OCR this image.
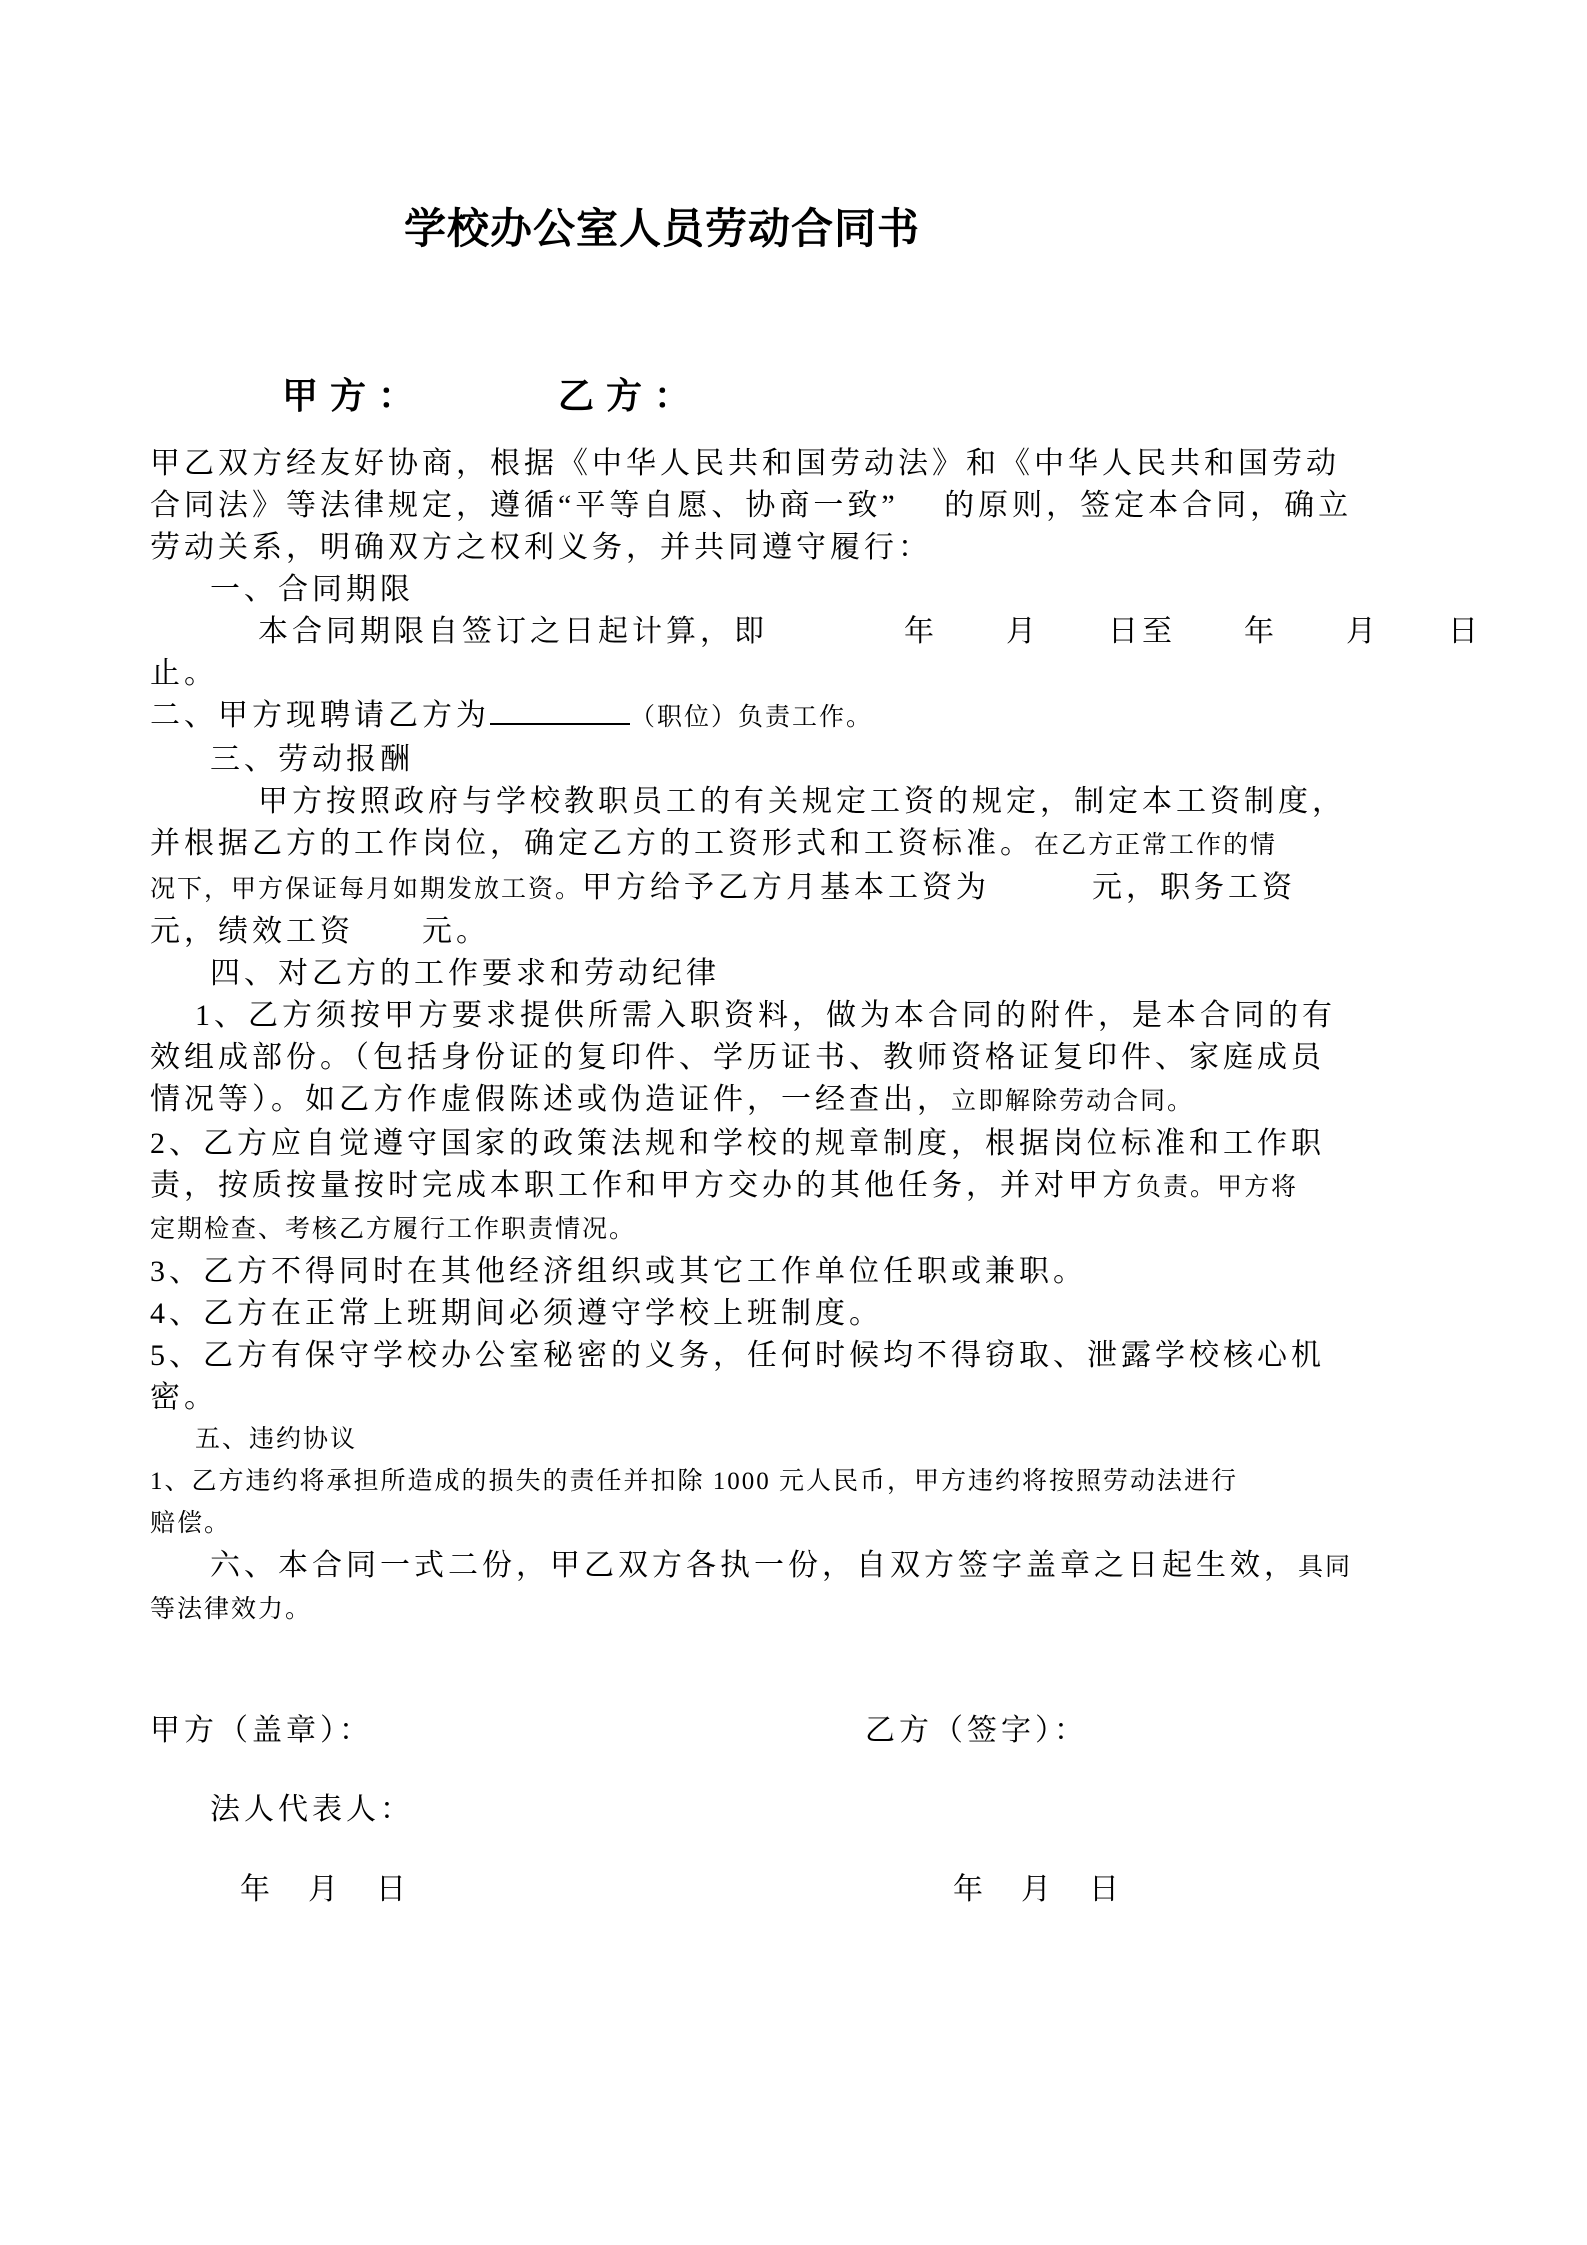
学校办公室人员劳动合同书
甲方：	乙方：
甲乙双方经友好协商，根据《中华人民共和国劳动法》和《中华人民共和国劳动
合同法》等法律规定，遵循“平等自愿、协商一致”　 的原则，签定本合同，确立
劳动关系，明确双方之权利义务，并共同遵守履行：
一、合同期限
本合同期限自签订之日起计算，即　　　　年　　月　　日至　　年　　月　　日
止。
二、甲方现聘请乙方为	（职位）负责工作。
三、劳动报酬
甲方按照政府与学校教职员工的有关规定工资的规定，制定本工资制度，
并根据乙方的工作岗位，确定乙方的工资形式和工资标准。在乙方正常工作的情
况下，甲方保证每月如期发放工资。甲方给予乙方月基本工资为　　　元，职务工资
元，绩效工资　　元。
四、对乙方的工作要求和劳动纪律
1、乙方须按甲方要求提供所需入职资料，做为本合同的附件，是本合同的有
效组成部份。（包括身份证的复印件、学历证书、教师资格证复印件、家庭成员
情况等）。如乙方作虚假陈述或伪造证件，一经查出，立即解除劳动合同。
2、乙方应自觉遵守国家的政策法规和学校的规章制度，根据岗位标准和工作职
责，按质按量按时完成本职工作和甲方交办的其他任务，并对甲方负责。甲方将
定期检查、考核乙方履行工作职责情况。
3、乙方不得同时在其他经济组织或其它工作单位任职或兼职。
4、乙方在正常上班期间必须遵守学校上班制度。
5、乙方有保守学校办公室秘密的义务，任何时候均不得窃取、泄露学校核心机
密。
五、违约协议
1、乙方违约将承担所造成的损失的责任并扣除 1000 元人民币，甲方违约将按照劳动法进行
赔偿。
六、本合同一式二份，甲乙双方各执一份，自双方签字盖章之日起生效，具同
等法律效力。
甲方（盖章）：	乙方（签字）：
法人代表人：
年　月　日	年　月　日
